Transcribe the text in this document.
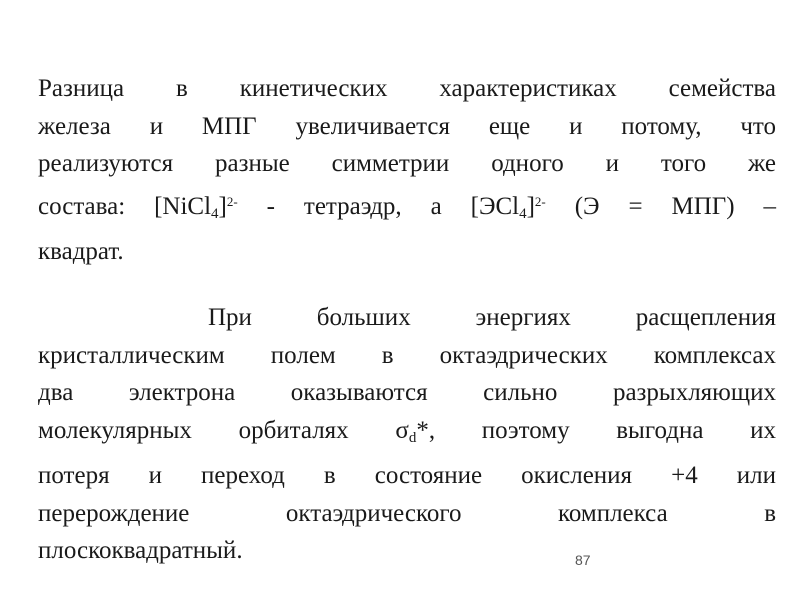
Разница в кинетических характеристиках семейства
железа и МПГ увеличивается еще и потому, что
реализуются разные симметрии одного и того же
состава: [NiCl$_4$]$^{2-}$ - тетраэдр, а $[ЭCl_4]^{2-}$ (Э = МПГ) –
квадрат.

При больших энергиях расщепления
кристаллическим полем в октаэдрических комплексах
два электрона оказываются сильно разрыхляющих
молекулярных орбиталях $\sigma_d*$, поэтому выгодна их
потеря и переход в состояние окисления +4 или
перерождение октаэдрического комплекса в
плоскоквадратный.	87
